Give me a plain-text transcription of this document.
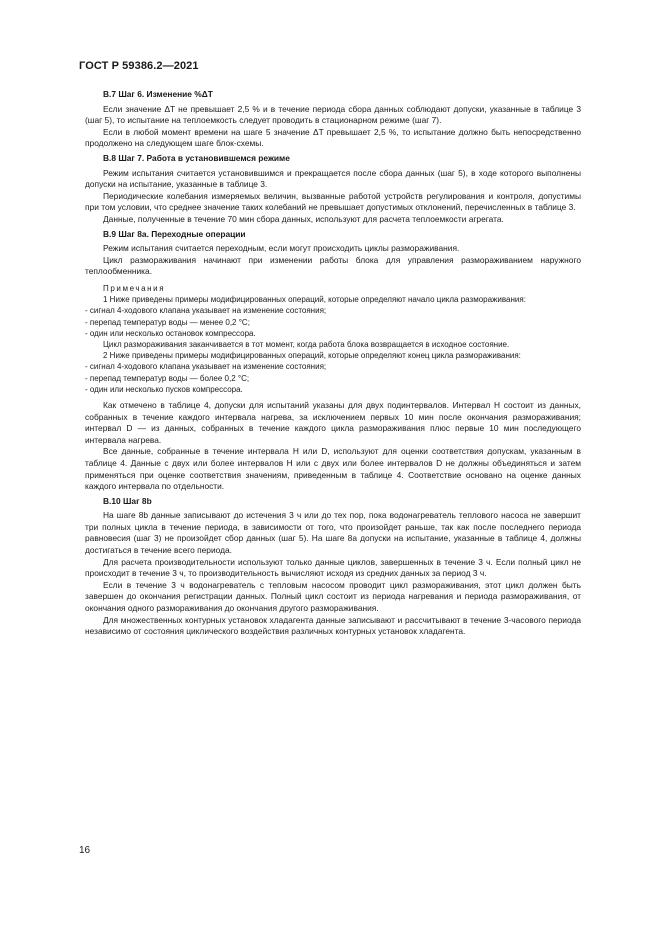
ГОСТ Р 59386.2—2021
В.7 Шаг 6. Изменение %ΔT

Если значение ΔT не превышает 2,5 % и в течение периода сбора данных соблюдают допуски, указанные в таблице 3 (шаг 5), то испытание на теплоемкость следует проводить в стационарном режиме (шаг 7).

Если в любой момент времени на шаге 5 значение ΔT превышает 2,5 %, то испытание должно быть непосредственно продолжено на следующем шаге блок-схемы.

В.8 Шаг 7. Работа в установившемся режиме

Режим испытания считается установившимся и прекращается после сбора данных (шаг 5), в ходе которого выполнены допуски на испытание, указанные в таблице 3.

Периодические колебания измеряемых величин, вызванные работой устройств регулирования и контроля, допустимы при том условии, что среднее значение таких колебаний не превышает допустимых отклонений, перечисленных в таблице 3.

Данные, полученные в течение 70 мин сбора данных, используют для расчета теплоемкости агрегата.

В.9 Шаг 8а. Переходные операции

Режим испытания считается переходным, если могут происходить циклы размораживания.

Цикл размораживания начинают при изменении работы блока для управления размораживанием наружного теплообменника.

Примечания

1 Ниже приведены примеры модифицированных операций, которые определяют начало цикла размораживания:

- сигнал 4-ходового клапана указывает на изменение состояния;

- перепад температур воды — менее 0,2 °С;

- один или несколько остановок компрессора.

Цикл размораживания заканчивается в тот момент, когда работа блока возвращается в исходное состояние.

2 Ниже приведены примеры модифицированных операций, которые определяют конец цикла размораживания:

- сигнал 4-ходового клапана указывает на изменение состояния;

- перепад температур воды — более 0,2 °С;

- один или несколько пусков компрессора.

Как отмечено в таблице 4, допуски для испытаний указаны для двух подинтервалов. Интервал H состоит из данных, собранных в течение каждого интервала нагрева, за исключением первых 10 мин после окончания размораживания; интервал D — из данных, собранных в течение каждого цикла размораживания плюс первые 10 мин последующего интервала нагрева.

Все данные, собранные в течение интервала H или D, используют для оценки соответствия допускам, указанным в таблице 4. Данные с двух или более интервалов H или с двух или более интервалов D не должны объединяться и затем применяться при оценке соответствия значениям, приведенным в таблице 4. Соответствие основано на оценке данных каждого интервала по отдельности.

В.10 Шаг 8b

На шаге 8b данные записывают до истечения 3 ч или до тех пор, пока водонагреватель теплового насоса не завершит три полных цикла в течение периода, в зависимости от того, что произойдет раньше, так как после последнего периода равновесия (шаг 3) не произойдет сбор данных (шаг 5). На шаге 8а допуски на испытание, указанные в таблице 4, должны достигаться в течение всего периода.

Для расчета производительности используют только данные циклов, завершенных в течение 3 ч. Если полный цикл не происходит в течение 3 ч, то производительность вычисляют исходя из средних данных за период 3 ч.

Если в течение 3 ч водонагреватель с тепловым насосом проводит цикл размораживания, этот цикл должен быть завершен до окончания регистрации данных. Полный цикл состоит из периода нагревания и периода размораживания, от окончания одного размораживания до окончания другого размораживания.

Для множественных контурных установок хладагента данные записывают и рассчитывают в течение 3-часового периода независимо от состояния циклического воздействия различных контурных установок хладагента.

16
